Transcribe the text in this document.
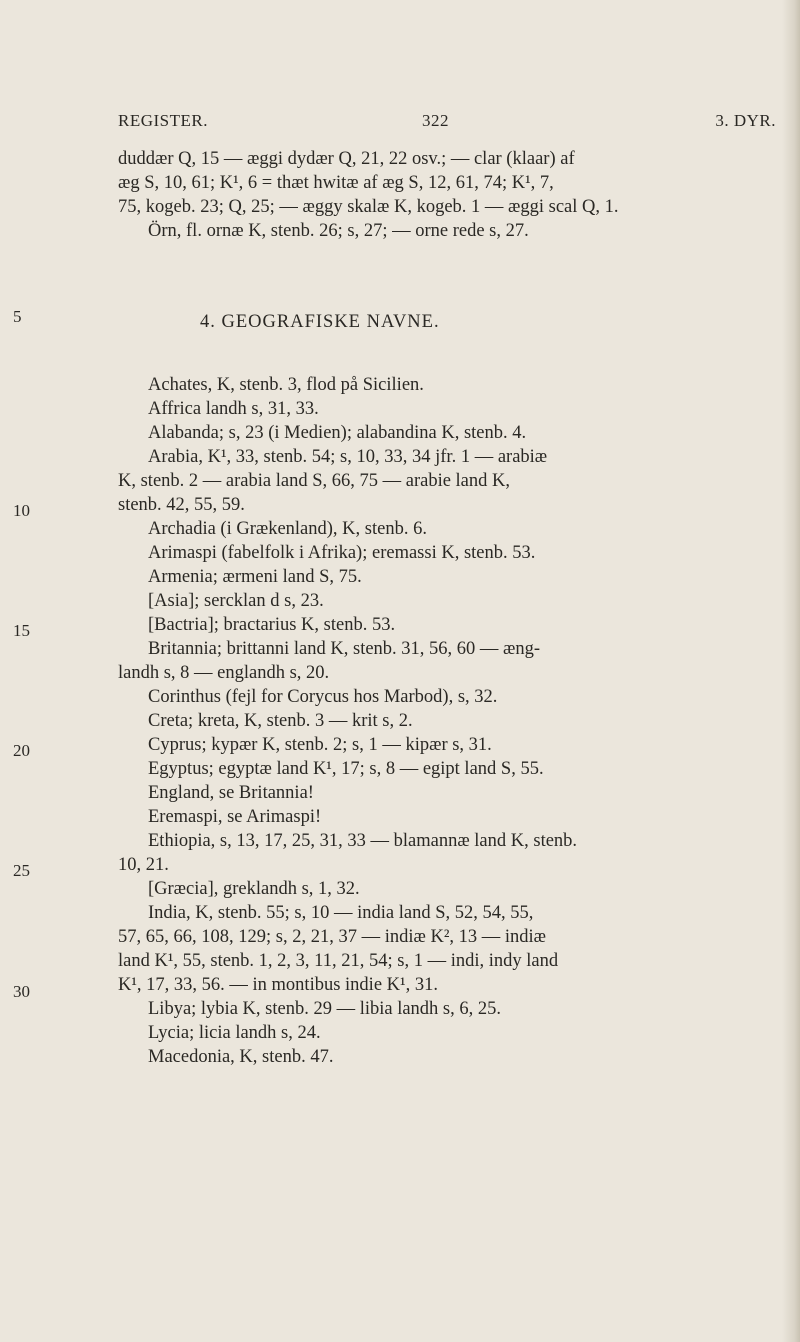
REGISTER.	322	3. DYR.
5
10
15
20
25
30
duddær Q, 15 — æggi dydær Q, 21, 22 osv.; — clar (klaar) af
æg S, 10, 61; K¹, 6 = thæt hwitæ af æg S, 12, 61, 74; K¹, 7,
75, kogeb. 23; Q, 25; — æggy skalæ K, kogeb. 1 — æggi scal Q, 1.
Örn, fl. ornæ K, stenb. 26; s, 27; — orne rede s, 27.
4. GEOGRAFISKE NAVNE.
Achates, K, stenb. 3, flod på Sicilien.
Affrica landh s, 31, 33.
Alabanda; s, 23 (i Medien); alabandina K, stenb. 4.
Arabia, K¹, 33, stenb. 54; s, 10, 33, 34 jfr. 1 — arabiæ
K, stenb. 2 — arabia land S, 66, 75 — arabie land K,
stenb. 42, 55, 59.
Archadia (i Grækenland), K, stenb. 6.
Arimaspi (fabelfolk i Afrika); eremassi K, stenb. 53.
Armenia; ærmeni land S, 75.
[Asia]; sercklan d s, 23.
[Bactria]; bractarius K, stenb. 53.
Britannia; brittanni land K, stenb. 31, 56, 60 — æng-
landh s, 8 — englandh s, 20.
Corinthus (fejl for Corycus hos Marbod), s, 32.
Creta; kreta, K, stenb. 3 — krit s, 2.
Cyprus; kypær K, stenb. 2; s, 1 — kipær s, 31.
Egyptus; egyptæ land K¹, 17; s, 8 — egipt land S, 55.
England, se Britannia!
Eremaspi, se Arimaspi!
Ethiopia, s, 13, 17, 25, 31, 33 — blamannæ land K, stenb.
10, 21.
[Græcia], greklandh s, 1, 32.
India, K, stenb. 55; s, 10 — india land S, 52, 54, 55,
57, 65, 66, 108, 129; s, 2, 21, 37 — indiæ K², 13 — indiæ
land K¹, 55, stenb. 1, 2, 3, 11, 21, 54; s, 1 — indi, indy land
K¹, 17, 33, 56. — in montibus indie K¹, 31.
Libya; lybia K, stenb. 29 — libia landh s, 6, 25.
Lycia; licia landh s, 24.
Macedonia, K, stenb. 47.
